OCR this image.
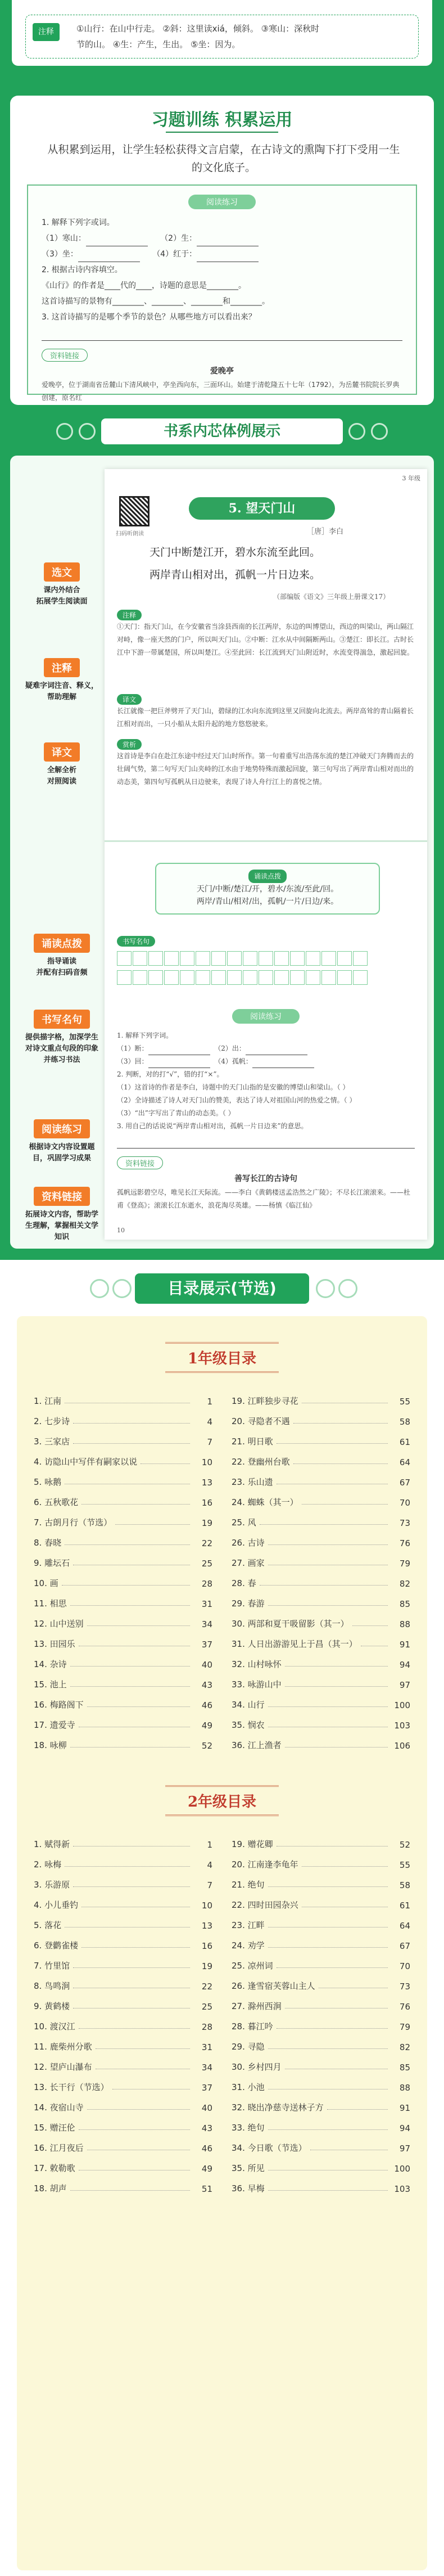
注释	①山行：在山中行走。 ②斜：这里读xiá，倾斜。 ③寒山：深秋时
节的山。 ④生：产生，生出。 ⑤坐：因为。
习题训练 积累运用
从积累到运用，让学生轻松获得文言启蒙，在古诗文的熏陶下打下受用一生的文化底子。
阅读练习
1. 解释下列字或词。
（1）寒山：	（2）生：
（3）坐：	（4）红于：
2. 根据古诗内容填空。
《山行》的作者是____代的____，诗题的意思是________。
这首诗描写的景物有________、________、________和________。
3. 这首诗描写的是哪个季节的景色？从哪些地方可以看出来？
资料链接
爱晚亭
爱晚亭，位于湖南省岳麓山下清风峡中，亭坐西向东，三面环山。始建于清乾隆五十七年（1792），为岳麓书院院长罗典创建，原名红
书系内芯体例展示
选文
课内外结合
拓展学生阅读面
注释
疑难字词注音、释义，帮助理解
译文
全解全析
对照阅读
诵读点拨
指导诵读
并配有扫码音频
书写名句
提供描字格，加深学生对诗文重点句段的印象并练习书法
阅读练习
根据诗文内容设置题目，巩固学习成果
资料链接
拓展诗文内容，帮助学生理解，掌握相关文学知识
3 年级
扫码听朗读
5. 望天门山
［唐］李白
天门中断楚江开，碧水东流至此回。
两岸青山相对出，孤帆一片日边来。
（部编版《语文》三年级上册课文17）
注释
①天门：指天门山，在今安徽省当涂县西南的长江两岸，东边的叫博望山，西边的叫梁山，两山隔江对峙，像一座天然的门户，所以叫天门山。②中断：江水从中间隔断两山。③楚江：即长江。古时长江中下游一带属楚国，所以叫楚江。④至此回：长江流到天门山附近时，水流变得湍急，激起回旋。
译文
长江就像一把巨斧劈开了天门山，碧绿的江水向东流到这里又回旋向北流去。两岸高耸的青山隔着长江相对而出，一只小船从太阳升起的地方悠悠驶来。
赏析
这首诗是李白在赴江东途中经过天门山时所作。第一句着重写出浩荡东流的楚江冲破天门奔腾而去的壮阔气势，第二句写天门山夹峙的江水由于地势特殊而激起回旋，第三句写出了两岸青山相对而出的动态美，第四句写孤帆从日边驶来，表现了诗人舟行江上的喜悦之情。
诵读点拨
天门/中断/楚江/开，碧水/东流/至此/回。
两岸/青山/相对/出，孤帆/一片/日边/来。
书写名句
阅读练习
1. 解释下列字词。
（1）断：	（2）出：
（3）回：	（4）孤帆：
2. 判断，对的打“√”，错的打“×”。
（1）这首诗的作者是李白，诗题中的天门山指的是安徽的博望山和梁山。（ ）
（2）全诗描述了诗人对天门山的赞美，表达了诗人对祖国山河的热爱之情。（ ）
（3）“出”字写出了青山的动态美。（ ）
3. 用自己的话说说“两岸青山相对出，孤帆一片日边来”的意思。
资料链接
善写长江的古诗句
孤帆远影碧空尽，唯见长江天际流。——李白《黄鹤楼送孟浩然之广陵》；不尽长江滚滚来。——杜甫《登高》；滚滚长江东逝水，浪花淘尽英雄。——杨慎《临江仙》
10
目录展示(节选)
1年级目录
1. 江南	1
2. 七步诗	4
3. 三家店	7
4. 访隐山中写伴有嗣家以说	10
5. 咏鹅	13
6. 五秋歌花	16
7. 古朗月行（节选）	19
8. 春晓	22
9. 雕坛石	25
10. 画	28
11. 相思	31
12. 山中送别	34
13. 田园乐	37
14. 杂诗	40
15. 池上	43
16. 梅路阁下	46
17. 遗爱寺	49
18. 咏柳	52
19. 江畔独步寻花	55
20. 寻隐者不遇	58
21. 明日歌	61
22. 登幽州台歌	64
23. 乐山遗	67
24. 蜘蛛（其一）	70
25. 风	73
26. 古诗	76
27. 画家	79
28. 春	82
29. 春游	85
30. 两部和夏干吸留影（其一）	88
31. 人日出游游见上于昌（其一）	91
32. 山村咏怀	94
33. 咏游山中	97
34. 山行	100
35. 悯农	103
36. 江上渔者	106
2年级目录
1. 赋得新	1
2. 咏梅	4
3. 乐游原	7
4. 小儿垂钓	10
5. 落花	13
6. 登鹳雀楼	16
7. 竹里馆	19
8. 鸟鸣涧	22
9. 黄鹤楼	25
10. 渡汉江	28
11. 鹿柴州分歌	31
12. 望庐山瀑布	34
13. 长干行（节选）	37
14. 夜宿山寺	40
15. 赠汪伦	43
16. 江月夜后	46
17. 敕勒歌	49
18. 胡声	51
19. 赠花卿	52
20. 江南逢李龟年	55
21. 绝句	58
22. 四时田园杂兴	61
23. 江畔	64
24. 劝学	67
25. 凉州词	70
26. 逢雪宿芙蓉山主人	73
27. 滁州西涧	76
28. 暮江吟	79
29. 寻隐	82
30. 乡村四月	85
31. 小池	88
32. 晓出净慈寺送林子方	91
33. 绝句	94
34. 今日歌（节选）	97
35. 所见	100
36. 早梅	103
